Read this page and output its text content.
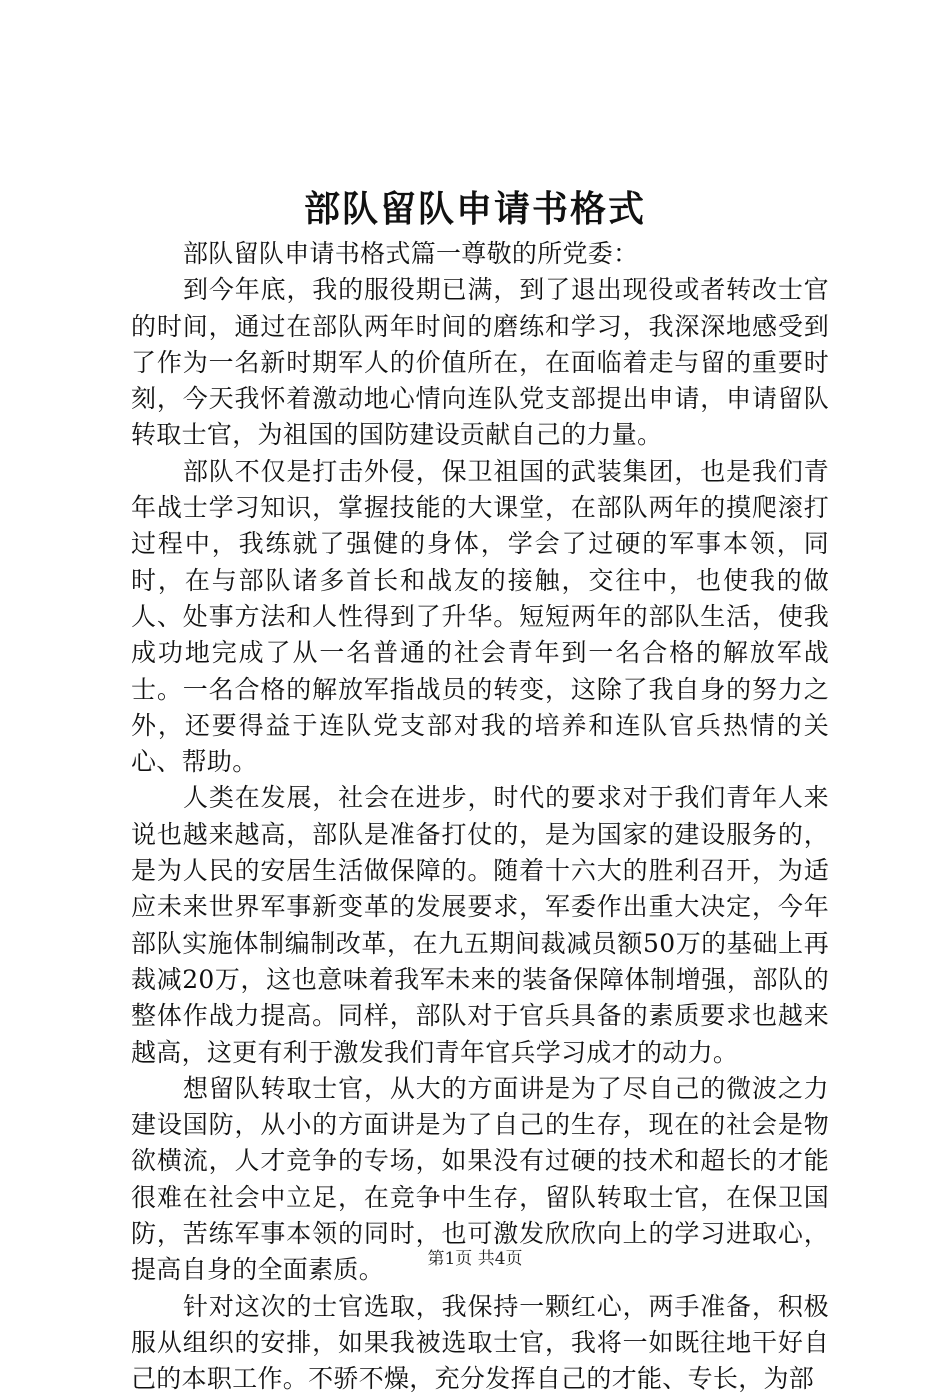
部队留队申请书格式

部队留队申请书格式篇一尊敬的所党委：

到今年底，我的服役期已满，到了退出现役或者转改士官的时间，通过在部队两年时间的磨练和学习，我深深地感受到了作为一名新时期军人的价值所在，在面临着走与留的重要时刻，今天我怀着激动地心情向连队党支部提出申请，申请留队转取士官，为祖国的国防建设贡献自己的力量。

部队不仅是打击外侵，保卫祖国的武装集团，也是我们青年战士学习知识，掌握技能的大课堂，在部队两年的摸爬滚打过程中，我练就了强健的身体，学会了过硬的军事本领，同时，在与部队诸多首长和战友的接触，交往中，也使我的做人、处事方法和人性得到了升华。短短两年的部队生活，使我成功地完成了从一名普通的社会青年到一名合格的解放军战士。一名合格的解放军指战员的转变，这除了我自身的努力之外，还要得益于连队党支部对我的培养和连队官兵热情的关心、帮助。

人类在发展，社会在进步，时代的要求对于我们青年人来说也越来越高，部队是准备打仗的，是为国家的建设服务的，是为人民的安居生活做保障的。随着十六大的胜利召开，为适应未来世界军事新变革的发展要求，军委作出重大决定，今年部队实施体制编制改革，在九五期间裁减员额50万的基础上再裁减20万，这也意味着我军未来的装备保障体制增强，部队的整体作战力提高。同样，部队对于官兵具备的素质要求也越来越高，这更有利于激发我们青年官兵学习成才的动力。

想留队转取士官，从大的方面讲是为了尽自己的微波之力建设国防，从小的方面讲是为了自己的生存，现在的社会是物欲横流，人才竞争的专场，如果没有过硬的技术和超长的才能很难在社会中立足，在竞争中生存，留队转取士官，在保卫国防，苦练军事本领的同时，也可激发欣欣向上的学习进取心，提高自身的全面素质。

针对这次的士官选取，我保持一颗红心，两手准备，积极服从组织的安排，如果我被选取士官，我将一如既往地干好自己的本职工作。不骄不燥，充分发挥自己的才能、专长，为部

第1页 共4页
